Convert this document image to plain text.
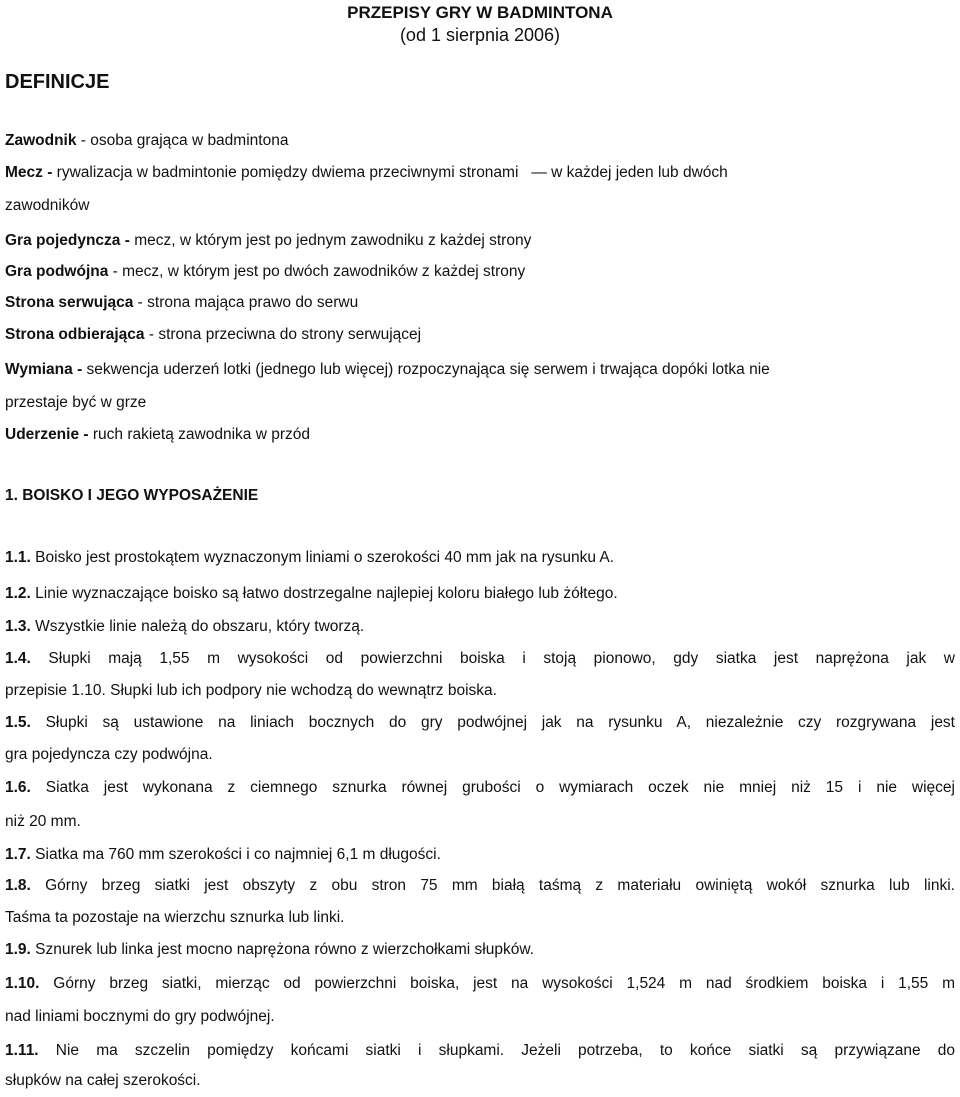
PRZEPISY GRY W BADMINTONA
(od 1 sierpnia 2006)
DEFINICJE
Zawodnik - osoba grająca w badmintona
Mecz - rywalizacja w badmintonie pomiędzy dwiema przeciwnymi stronami   — w każdej jeden lub dwóch
zawodników
Gra pojedyncza - mecz, w którym jest po jednym zawodniku z każdej strony
Gra podwójna - mecz, w którym jest po dwóch zawodników z każdej strony
Strona serwująca - strona mająca prawo do serwu
Strona odbierająca - strona przeciwna do strony serwującej
Wymiana - sekwencja uderzeń lotki (jednego lub więcej) rozpoczynająca się serwem i trwająca dopóki lotka nie
przestaje być w grze
Uderzenie - ruch rakietą zawodnika w przód
1. BOISKO I JEGO WYPOSAŻENIE
1.1. Boisko jest prostokątem wyznaczonym liniami o szerokości 40 mm jak na rysunku A.
1.2. Linie wyznaczające boisko są łatwo dostrzegalne najlepiej koloru białego lub żółtego.
1.3. Wszystkie linie należą do obszaru, który tworzą.
1.4. Słupki mają 1,55 m wysokości od powierzchni boiska i stoją pionowo, gdy siatka jest naprężona jak w
przepisie 1.10. Słupki lub ich podpory nie wchodzą do wewnątrz boiska.
1.5. Słupki są ustawione na liniach bocznych do gry podwójnej jak na rysunku A, niezależnie czy rozgrywana jest
gra pojedyncza czy podwójna.
1.6. Siatka jest wykonana z ciemnego sznurka równej grubości o wymiarach oczek nie mniej niż 15 i nie więcej
niż 20 mm.
1.7. Siatka ma 760 mm szerokości i co najmniej 6,1 m długości.
1.8. Górny brzeg siatki jest obszyty z obu stron 75 mm białą taśmą z materiału owiniętą wokół sznurka lub linki.
Taśma ta pozostaje na wierzchu sznurka lub linki.
1.9. Sznurek lub linka jest mocno naprężona równo z wierzchołkami słupków.
1.10. Górny brzeg siatki, mierząc od powierzchni boiska, jest na wysokości 1,524 m nad środkiem boiska i 1,55 m
nad liniami bocznymi do gry podwójnej.
1.11. Nie ma szczelin pomiędzy końcami siatki i słupkami. Jeżeli potrzeba, to końce siatki są przywiązane do
słupków na całej szerokości.
